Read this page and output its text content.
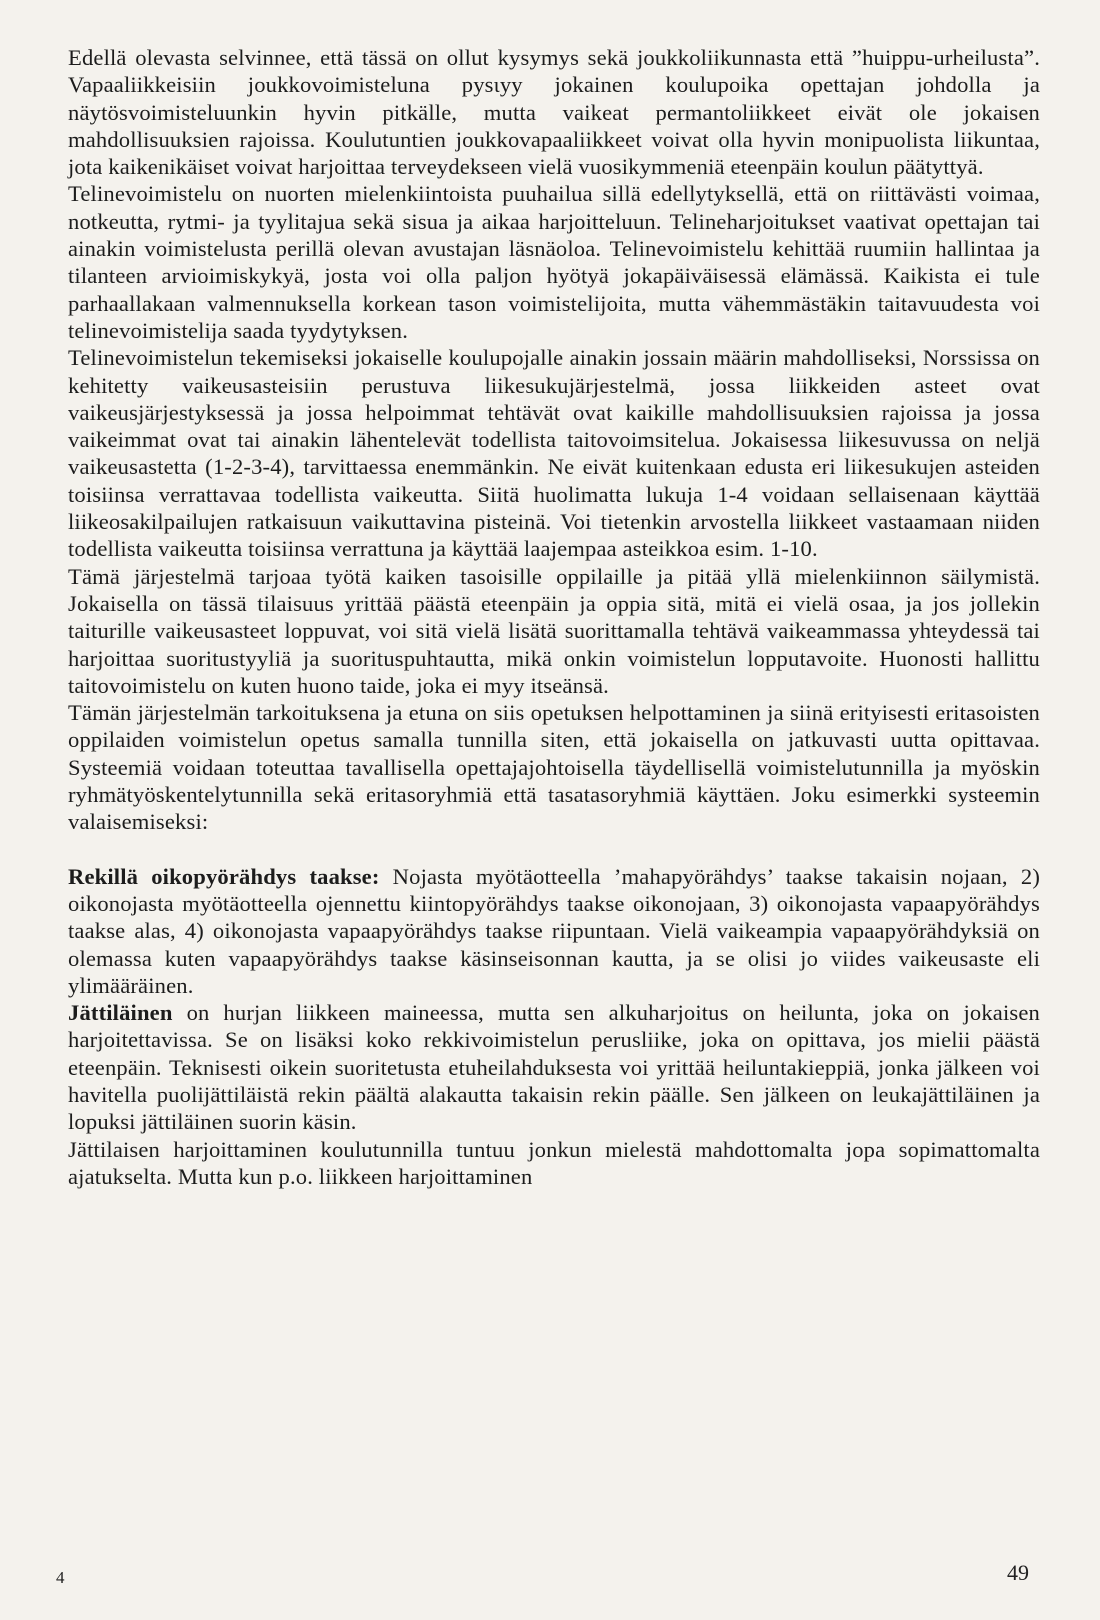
Edellä olevasta selvinnee, että tässä on ollut kysymys sekä joukkoliikunnasta että ”huippu-urheilusta”. Vapaaliikkeisiin joukkovoimisteluna pysιyy jokainen koulupoika opettajan johdolla ja näytösvoimisteluunkin hyvin pitkälle, mutta vaikeat permantoliikkeet eivät ole jokaisen mahdollisuuksien rajoissa. Koulutuntien joukkovapaaliikkeet voivat olla hyvin monipuolista liikuntaa, jota kaikenikäiset voivat harjoittaa terveydekseen vielä vuosikymmeniä eteenpäin koulun päätyttyä.

Telinevoimistelu on nuorten mielenkiintoista puuhailua sillä edellytyksellä, että on riittävästi voimaa, notkeutta, rytmi- ja tyylitajua sekä sisua ja aikaa harjoitteluun. Telineharjoitukset vaativat opettajan tai ainakin voimistelusta perillä olevan avustajan läsnäoloa. Telinevoimistelu kehittää ruumiin hallintaa ja tilanteen arvioimiskykyä, josta voi olla paljon hyötyä jokapäiväisessä elämässä. Kaikista ei tule parhaallakaan valmennuksella korkean tason voimistelijoita, mutta vähemmästäkin taitavuudesta voi telinevoimistelija saada tyydytyksen.

Telinevoimistelun tekemiseksi jokaiselle koulupojalle ainakin jossain määrin mahdolliseksi, Norssissa on kehitetty vaikeusasteisiin perustuva liikesukujärjestelmä, jossa liikkeiden asteet ovat vaikeusjärjestyksessä ja jossa helpoimmat tehtävät ovat kaikille mahdollisuuksien rajoissa ja jossa vaikeimmat ovat tai ainakin lähentelevät todellista taitovoimsitelua. Jokaisessa liikesuvussa on neljä vaikeusastetta (1-2-3-4), tarvittaessa enemmänkin. Ne eivät kuitenkaan edusta eri liikesukujen asteiden toisiinsa verrattavaa todellista vaikeutta. Siitä huolimatta lukuja 1-4 voidaan sellaisenaan käyttää liikeosakilpailujen ratkaisuun vaikuttavina pisteinä. Voi tietenkin arvostella liikkeet vastaamaan niiden todellista vaikeutta toisiinsa verrattuna ja käyttää laajempaa asteikkoa esim. 1-10.

Tämä järjestelmä tarjoaa työtä kaiken tasoisille oppilaille ja pitää yllä mielenkiinnon säilymistä. Jokaisella on tässä tilaisuus yrittää päästä eteenpäin ja oppia sitä, mitä ei vielä osaa, ja jos jollekin taiturille vaikeusasteet loppuvat, voi sitä vielä lisätä suorittamalla tehtävä vaikeammassa yhteydessä tai harjoittaa suoritustyyliä ja suorituspuhtautta, mikä onkin voimistelun lopputavoite. Huonosti hallittu taitovoimistelu on kuten huono taide, joka ei myy itseänsä.

Tämän järjestelmän tarkoituksena ja etuna on siis opetuksen helpottaminen ja siinä erityisesti eritasoisten oppilaiden voimistelun opetus samalla tunnilla siten, että jokaisella on jatkuvasti uutta opittavaa. Systeemiä voidaan toteuttaa tavallisella opettajajohtoisella täydellisellä voimistelutunnilla ja myöskin ryhmätyöskentelytunnilla sekä eritasoryhmiä että tasatasoryhmiä käyttäen. Joku esimerkki systeemin valaisemiseksi:

Rekillä oikopyörähdys taakse: Nojasta myötäotteella ’mahapyörähdys’ taakse takaisin nojaan, 2) oikonojasta myötäotteella ojennettu kiintopyörähdys taakse oikonojaan, 3) oikonojasta vapaapyörähdys taakse alas, 4) oikonojasta vapaapyörähdys taakse riipuntaan. Vielä vaikeampia vapaapyörähdyksiä on olemassa kuten vapaapyörähdys taakse käsinseisonnan kautta, ja se olisi jo viides vaikeusaste eli ylimääräinen.

Jättiläinen on hurjan liikkeen maineessa, mutta sen alkuharjoitus on heiluntа, joka on jokaisen harjoitettavissa. Se on lisäksi koko rekkivoimistelun perusliike, joka on opittava, jos mielii päästä eteenpäin. Teknisesti oikein suoritetusta etuheilahduksesta voi yrittää heiluntakieppiä, jonka jälkeen voi havitella puolijättiläistä rekin päältä alakautta takaisin rekin päälle. Sen jälkeen on leukajättiläinen ja lopuksi jättiläinen suorin käsin.

Jättilaisen harjoittaminen koulutunnilla tuntuu jonkun mielestä mahdottomalta jopa sopimattomalta ajatukselta. Mutta kun p.o. liikkeen harjoittaminen

4	49
